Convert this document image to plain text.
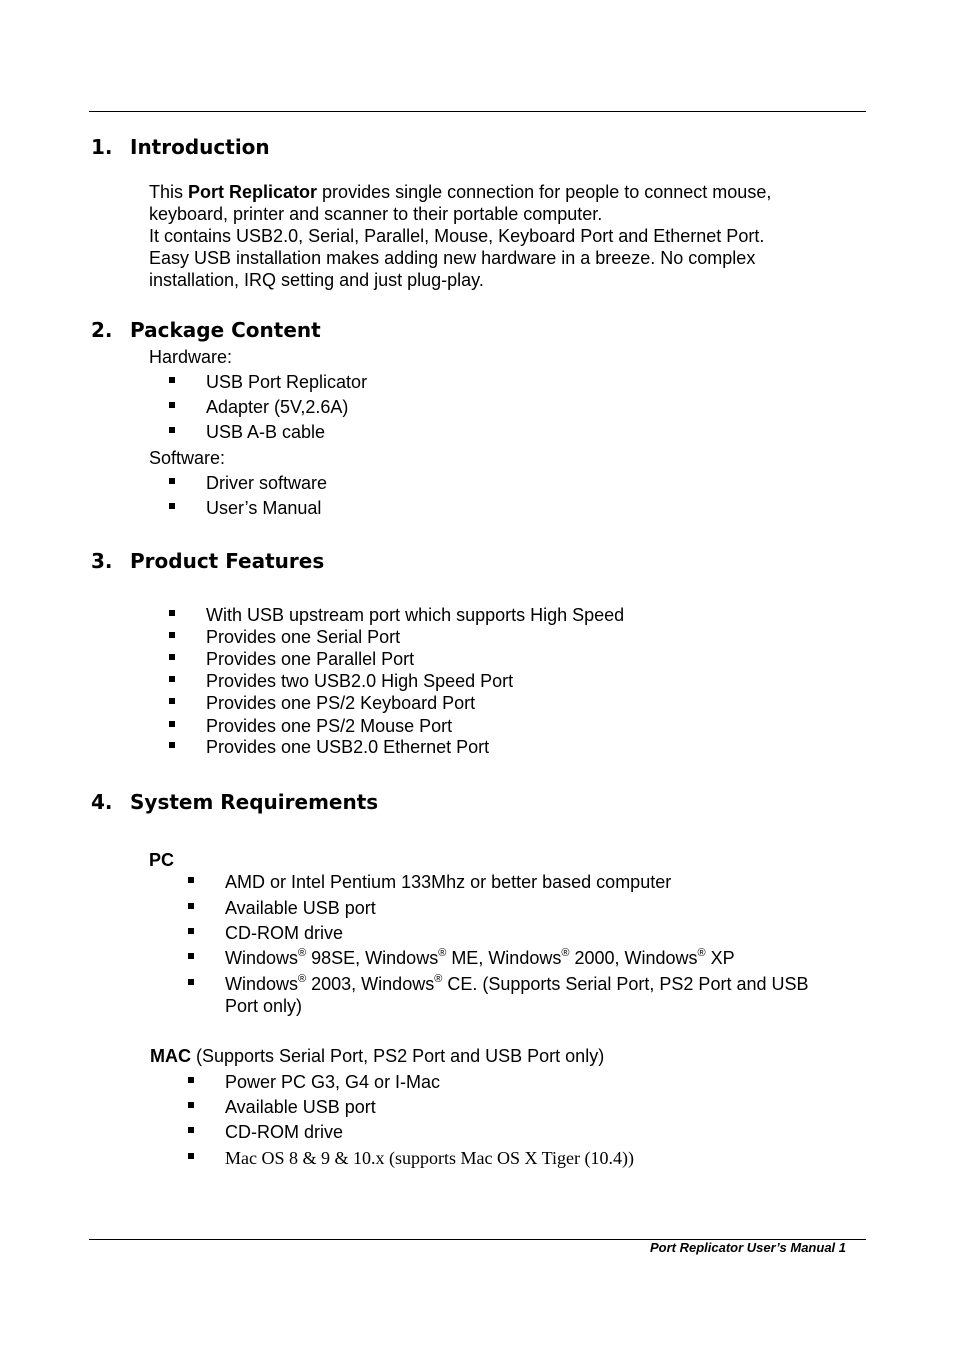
1. Introduction
This Port Replicator provides single connection for people to connect mouse,
keyboard, printer and scanner to their portable computer.
It contains USB2.0, Serial, Parallel, Mouse, Keyboard Port and Ethernet Port.
Easy USB installation makes adding new hardware in a breeze. No complex
installation, IRQ setting and just plug-play.
2. Package Content
Hardware:
USB Port Replicator
Adapter (5V,2.6A)
USB A-B cable
Software:
Driver software
User’s Manual
3. Product Features
With USB upstream port which supports High Speed
Provides one Serial Port
Provides one Parallel Port
Provides two USB2.0 High Speed Port
Provides one PS/2 Keyboard Port
Provides one PS/2 Mouse Port
Provides one USB2.0 Ethernet Port
4. System Requirements
PC
AMD or Intel Pentium 133Mhz or better based computer
Available USB port
CD-ROM drive
Windows® 98SE, Windows® ME, Windows® 2000, Windows® XP
Windows® 2003, Windows® CE. (Supports Serial Port, PS2 Port and USB
Port only)
MAC (Supports Serial Port, PS2 Port and USB Port only)
Power PC G3, G4 or I-Mac
Available USB port
CD-ROM drive
Mac OS 8 & 9 & 10.x (supports Mac OS X Tiger (10.4))
Port Replicator User’s Manual 1
